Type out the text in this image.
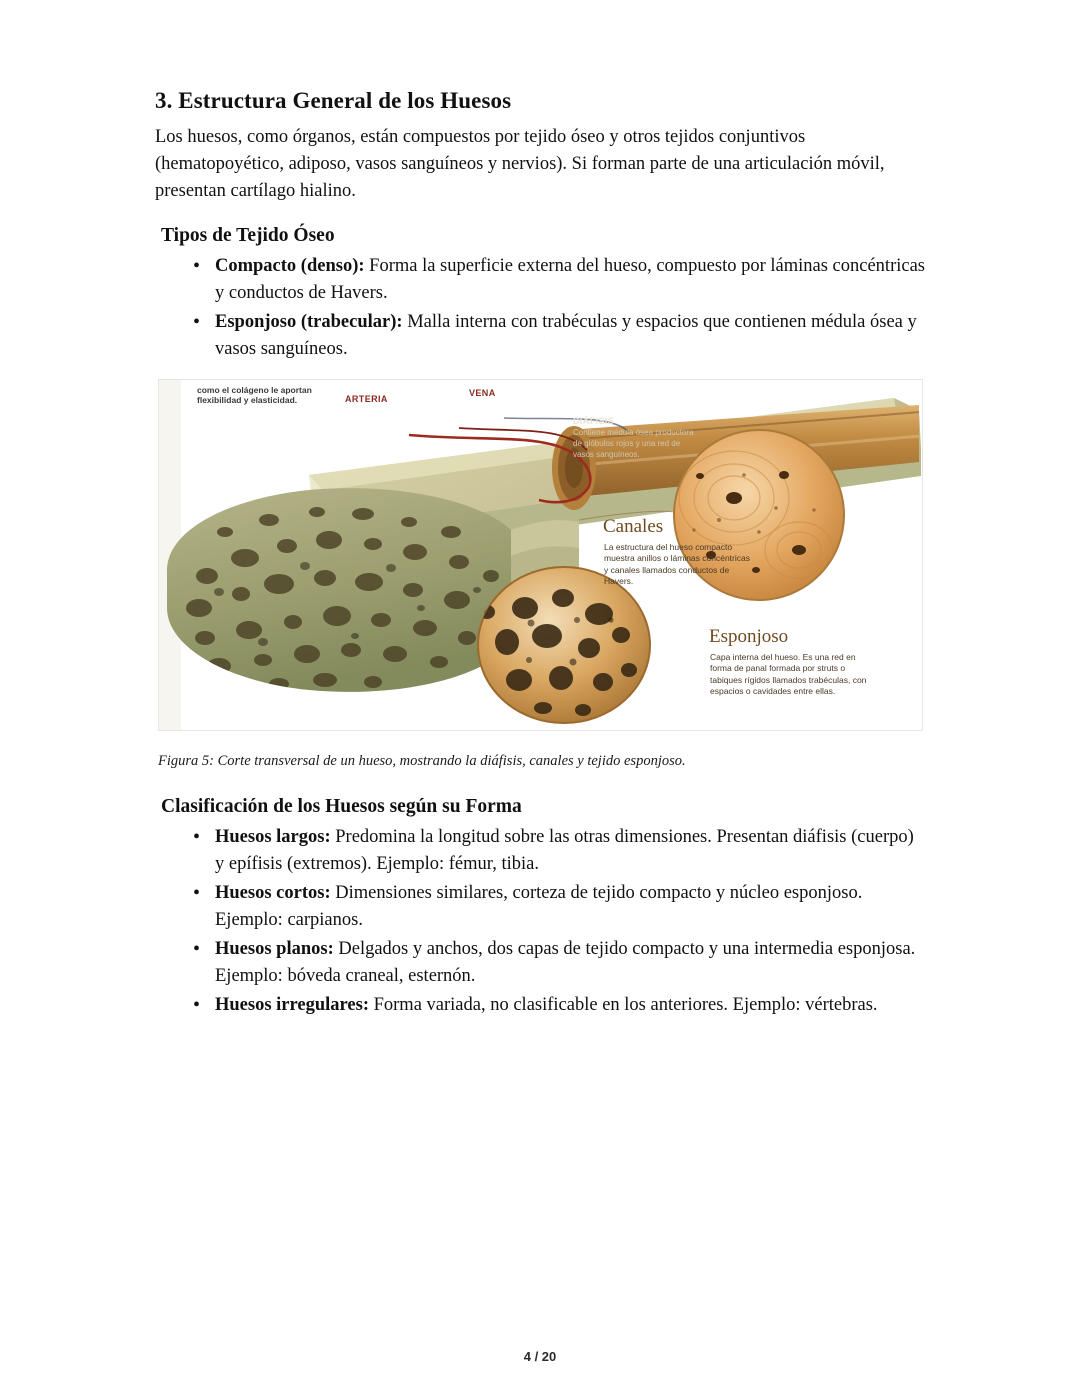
3. Estructura General de los Huesos

Los huesos, como órganos, están compuestos por tejido óseo y otros tejidos conjuntivos (hematopoyético, adiposo, vasos sanguíneos y nervios). Si forman parte de una articulación móvil, presentan cartílago hialino.

Tipos de Tejido Óseo
• Compacto (denso): Forma la superficie externa del hueso, compuesto por láminas concéntricas y conductos de Havers.
• Esponjoso (trabecular): Malla interna con trabéculas y espacios que contienen médula ósea y vasos sanguíneos.
como el colágeno le aportan flexibilidad y elasticidad.	ARTERIA
VENA
DIÁFISIS
Contiene médula ósea productora de glóbulos rojos y una red de vasos sanguíneos.
Canales
La estructura del hueso compacto muestra anillos o láminas concéntricas y canales llamados conductos de Havers.
Esponjoso
Capa interna del hueso. Es una red en forma de panal formada por struts o tabiques rígidos llamados trabéculas, con espacios o cavidades entre ellas.
Figura 5: Corte transversal de un hueso, mostrando la diáfisis, canales y tejido esponjoso.
Clasificación de los Huesos según su Forma
• Huesos largos: Predomina la longitud sobre las otras dimensiones. Presentan diáfisis (cuerpo) y epífisis (extremos). Ejemplo: fémur, tibia.
• Huesos cortos: Dimensiones similares, corteza de tejido compacto y núcleo esponjoso. Ejemplo: carpianos.
• Huesos planos: Delgados y anchos, dos capas de tejido compacto y una intermedia esponjosa. Ejemplo: bóveda craneal, esternón.
• Huesos irregulares: Forma variada, no clasificable en los anteriores. Ejemplo: vértebras.
4 / 20
